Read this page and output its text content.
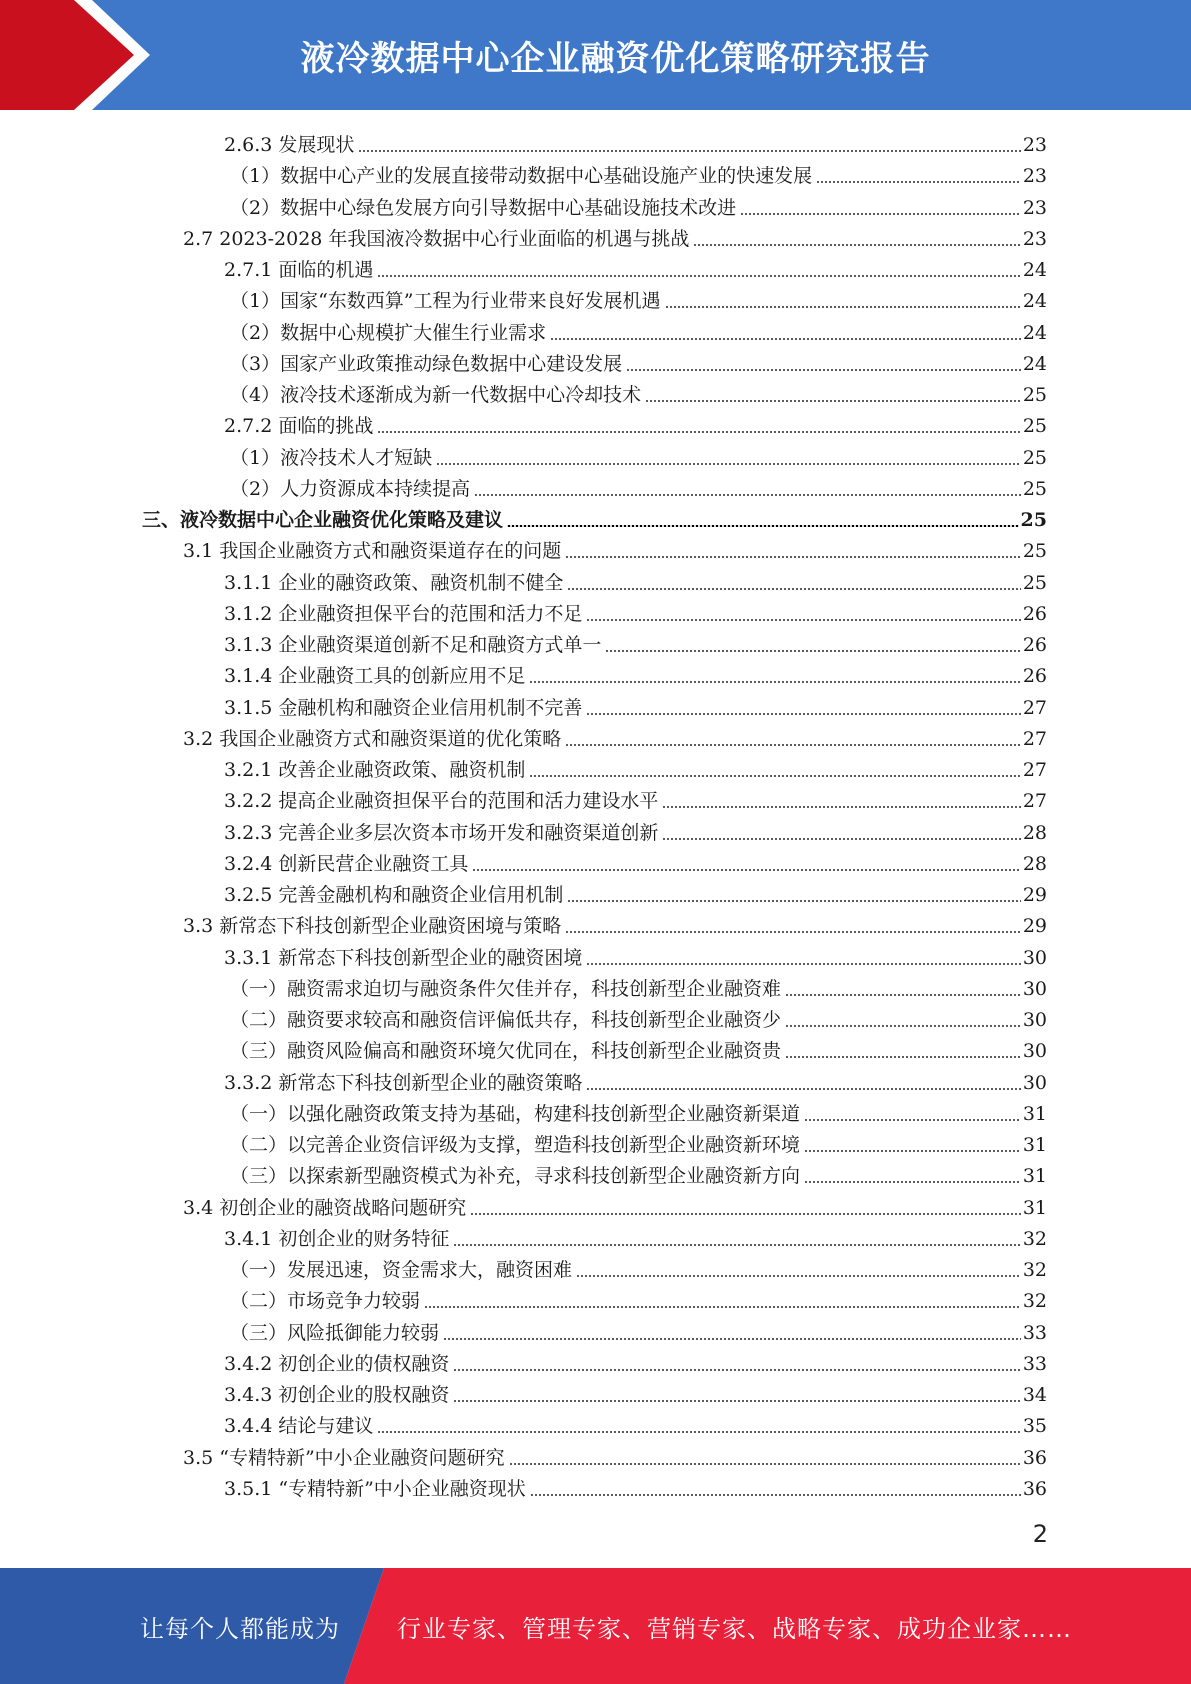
液冷数据中心企业融资优化策略研究报告
2.6.3 发展现状	23
（1）数据中心产业的发展直接带动数据中心基础设施产业的快速发展	23
（2）数据中心绿色发展方向引导数据中心基础设施技术改进	23
2.7 2023-2028 年我国液冷数据中心行业面临的机遇与挑战	23
2.7.1 面临的机遇	24
（1）国家“东数西算”工程为行业带来良好发展机遇	24
（2）数据中心规模扩大催生行业需求	24
（3）国家产业政策推动绿色数据中心建设发展	24
（4）液冷技术逐渐成为新一代数据中心冷却技术	25
2.7.2 面临的挑战	25
（1）液冷技术人才短缺	25
（2）人力资源成本持续提高	25
三、液冷数据中心企业融资优化策略及建议	25
3.1 我国企业融资方式和融资渠道存在的问题	25
3.1.1 企业的融资政策、融资机制不健全	25
3.1.2 企业融资担保平台的范围和活力不足	26
3.1.3 企业融资渠道创新不足和融资方式单一	26
3.1.4 企业融资工具的创新应用不足	26
3.1.5 金融机构和融资企业信用机制不完善	27
3.2 我国企业融资方式和融资渠道的优化策略	27
3.2.1 改善企业融资政策、融资机制	27
3.2.2 提高企业融资担保平台的范围和活力建设水平	27
3.2.3 完善企业多层次资本市场开发和融资渠道创新	28
3.2.4 创新民营企业融资工具	28
3.2.5 完善金融机构和融资企业信用机制	29
3.3 新常态下科技创新型企业融资困境与策略	29
3.3.1 新常态下科技创新型企业的融资困境	30
（一）融资需求迫切与融资条件欠佳并存，科技创新型企业融资难	30
（二）融资要求较高和融资信评偏低共存，科技创新型企业融资少	30
（三）融资风险偏高和融资环境欠优同在，科技创新型企业融资贵	30
3.3.2 新常态下科技创新型企业的融资策略	30
（一）以强化融资政策支持为基础，构建科技创新型企业融资新渠道	31
（二）以完善企业资信评级为支撑，塑造科技创新型企业融资新环境	31
（三）以探索新型融资模式为补充，寻求科技创新型企业融资新方向	31
3.4 初创企业的融资战略问题研究	31
3.4.1 初创企业的财务特征	32
（一）发展迅速，资金需求大，融资困难	32
（二）市场竞争力较弱	32
（三）风险抵御能力较弱	33
3.4.2 初创企业的债权融资	33
3.4.3 初创企业的股权融资	34
3.4.4 结论与建议	35
3.5 “专精特新”中小企业融资问题研究	36
3.5.1 “专精特新”中小企业融资现状	36
2
让每个人都能成为 行业专家、管理专家、营销专家、战略专家、成功企业家……
